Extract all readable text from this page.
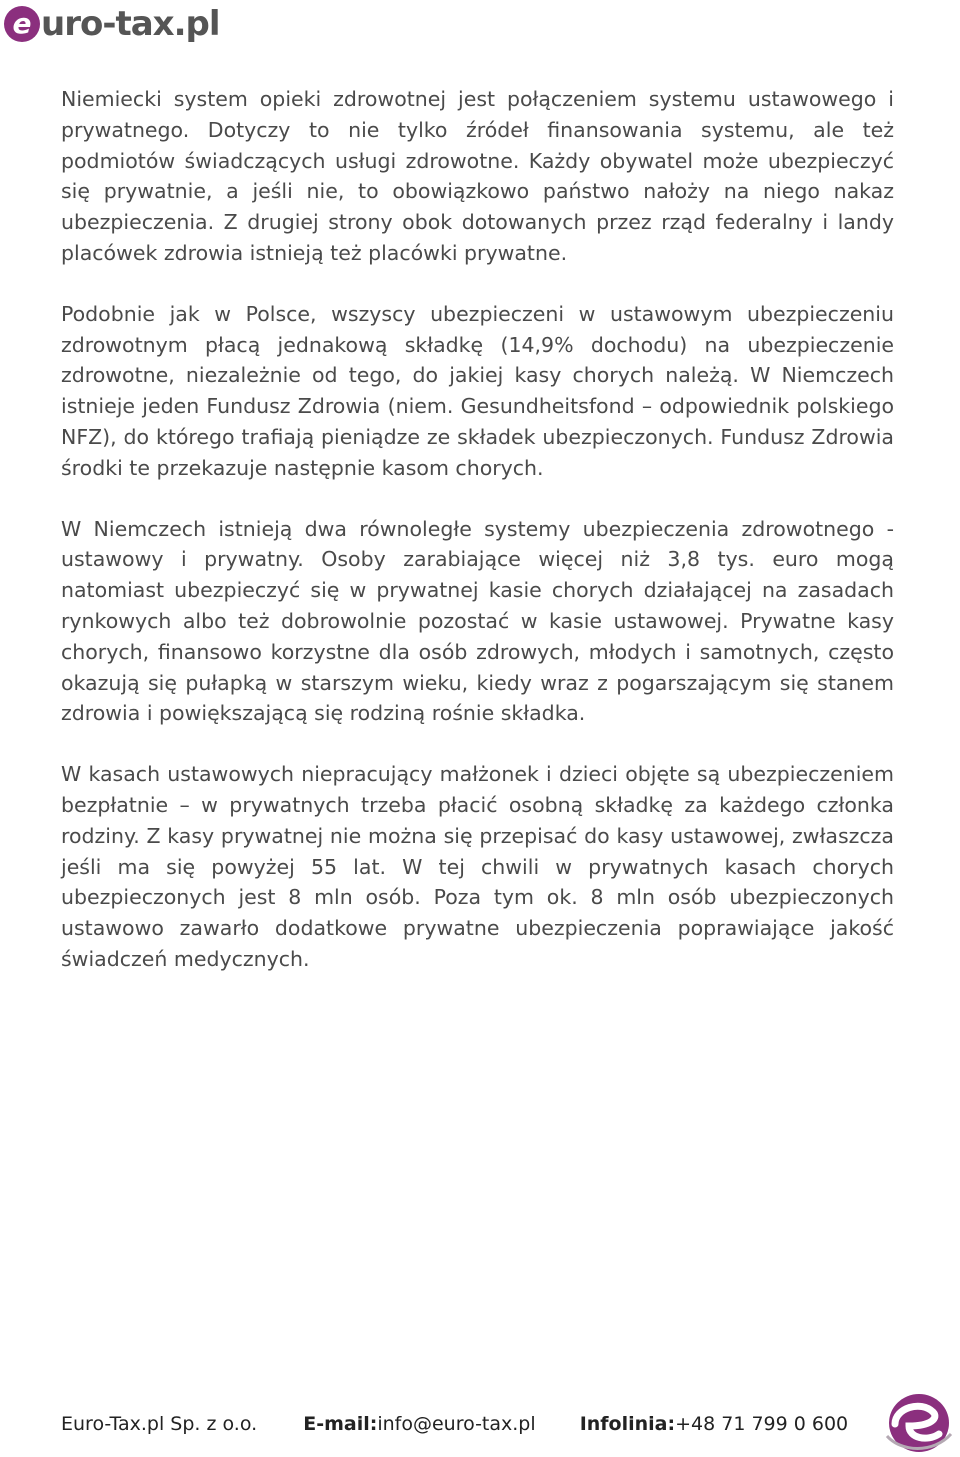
e uro-tax.pl

Niemiecki system opieki zdrowotnej jest połączeniem systemu ustawowego i prywatnego. Dotyczy to nie tylko źródeł finansowania systemu, ale też podmiotów świadczących usługi zdrowotne. Każdy obywatel może ubezpieczyć się prywatnie, a jeśli nie, to obowiązkowo państwo nałoży na niego nakaz ubezpieczenia. Z drugiej strony obok dotowanych przez rząd federalny i landy placówek zdrowia istnieją też placówki prywatne.

Podobnie jak w Polsce, wszyscy ubezpieczeni w ustawowym ubezpieczeniu zdrowotnym płacą jednakową składkę (14,9% dochodu) na ubezpieczenie zdrowotne, niezależnie od tego, do jakiej kasy chorych należą. W Niemczech istnieje jeden Fundusz Zdrowia (niem. Gesundheitsfond – odpowiednik polskiego NFZ), do którego trafiają pieniądze ze składek ubezpieczonych. Fundusz Zdrowia środki te przekazuje następnie kasom chorych.

W Niemczech istnieją dwa równoległe systemy ubezpieczenia zdrowotnego - ustawowy i prywatny. Osoby zarabiające więcej niż 3,8 tys. euro mogą natomiast ubezpieczyć się w prywatnej kasie chorych działającej na zasadach rynkowych albo też dobrowolnie pozostać w kasie ustawowej. Prywatne kasy chorych, finansowo korzystne dla osób zdrowych, młodych i samotnych, często okazują się pułapką w starszym wieku, kiedy wraz z pogarszającym się stanem zdrowia i powiększającą się rodziną rośnie składka.

W kasach ustawowych niepracujący małżonek i dzieci objęte są ubezpieczeniem bezpłatnie – w prywatnych trzeba płacić osobną składkę za każdego członka rodziny. Z kasy prywatnej nie można się przepisać do kasy ustawowej, zwłaszcza jeśli ma się powyżej 55 lat. W tej chwili w prywatnych kasach chorych ubezpieczonych jest 8 mln osób. Poza tym ok. 8 mln osób ubezpieczonych ustawowo zawarło dodatkowe prywatne ubezpieczenia poprawiające jakość świadczeń medycznych.

Euro-Tax.pl Sp. z o.o. E-mail:info@euro-tax.pl Infolinia:+48 71 799 0 600
